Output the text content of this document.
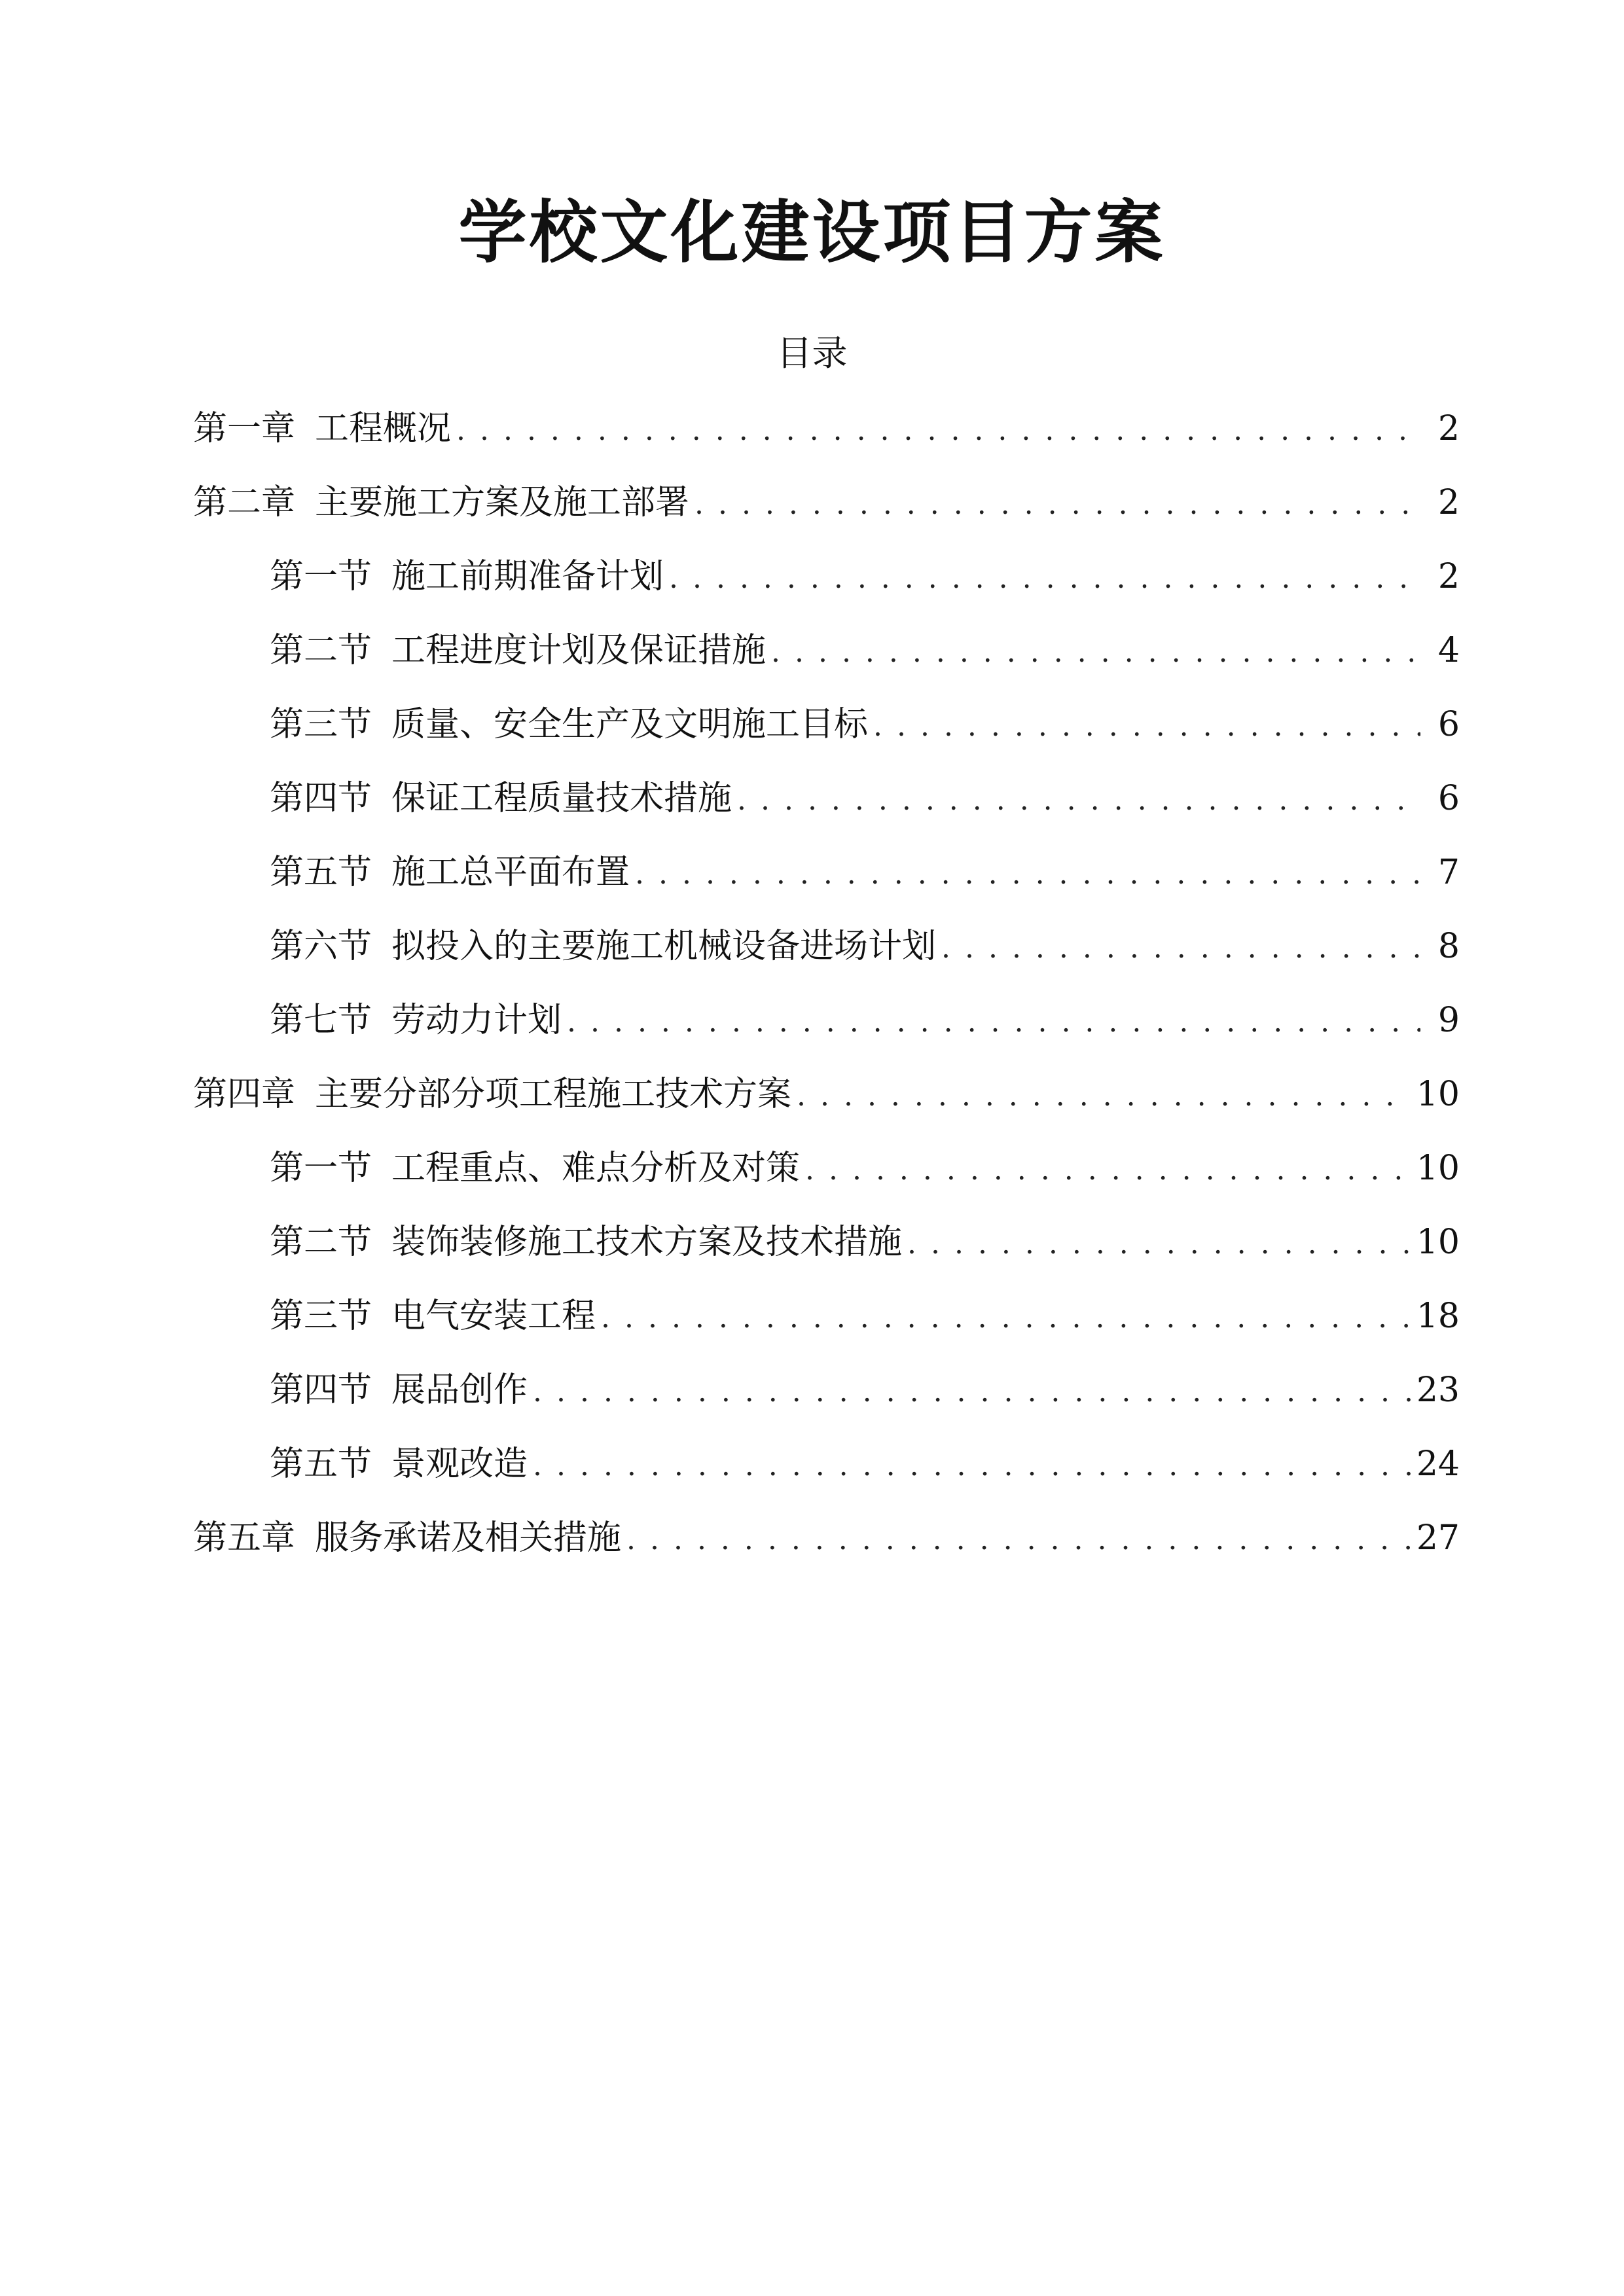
学校文化建设项目方案
目录
第一章 工程概况 . . .	2
第二章 主要施工方案及施工部署 . . .	2
第一节 施工前期准备计划 . . .	2
第二节 工程进度计划及保证措施 . . .	4
第三节 质量、安全生产及文明施工目标 . . .	6
第四节 保证工程质量技术措施 . . .	6
第五节 施工总平面布置 . . .	7
第六节 拟投入的主要施工机械设备进场计划 . . .	8
第七节 劳动力计划 . . .	9
第四章 主要分部分项工程施工技术方案 . . .	10
第一节 工程重点、难点分析及对策 . . .	10
第二节 装饰装修施工技术方案及技术措施 . . .	10
第三节 电气安装工程 . . .	18
第四节 展品创作 . . .	23
第五节 景观改造 . . .	24
第五章 服务承诺及相关措施 . . .	27
